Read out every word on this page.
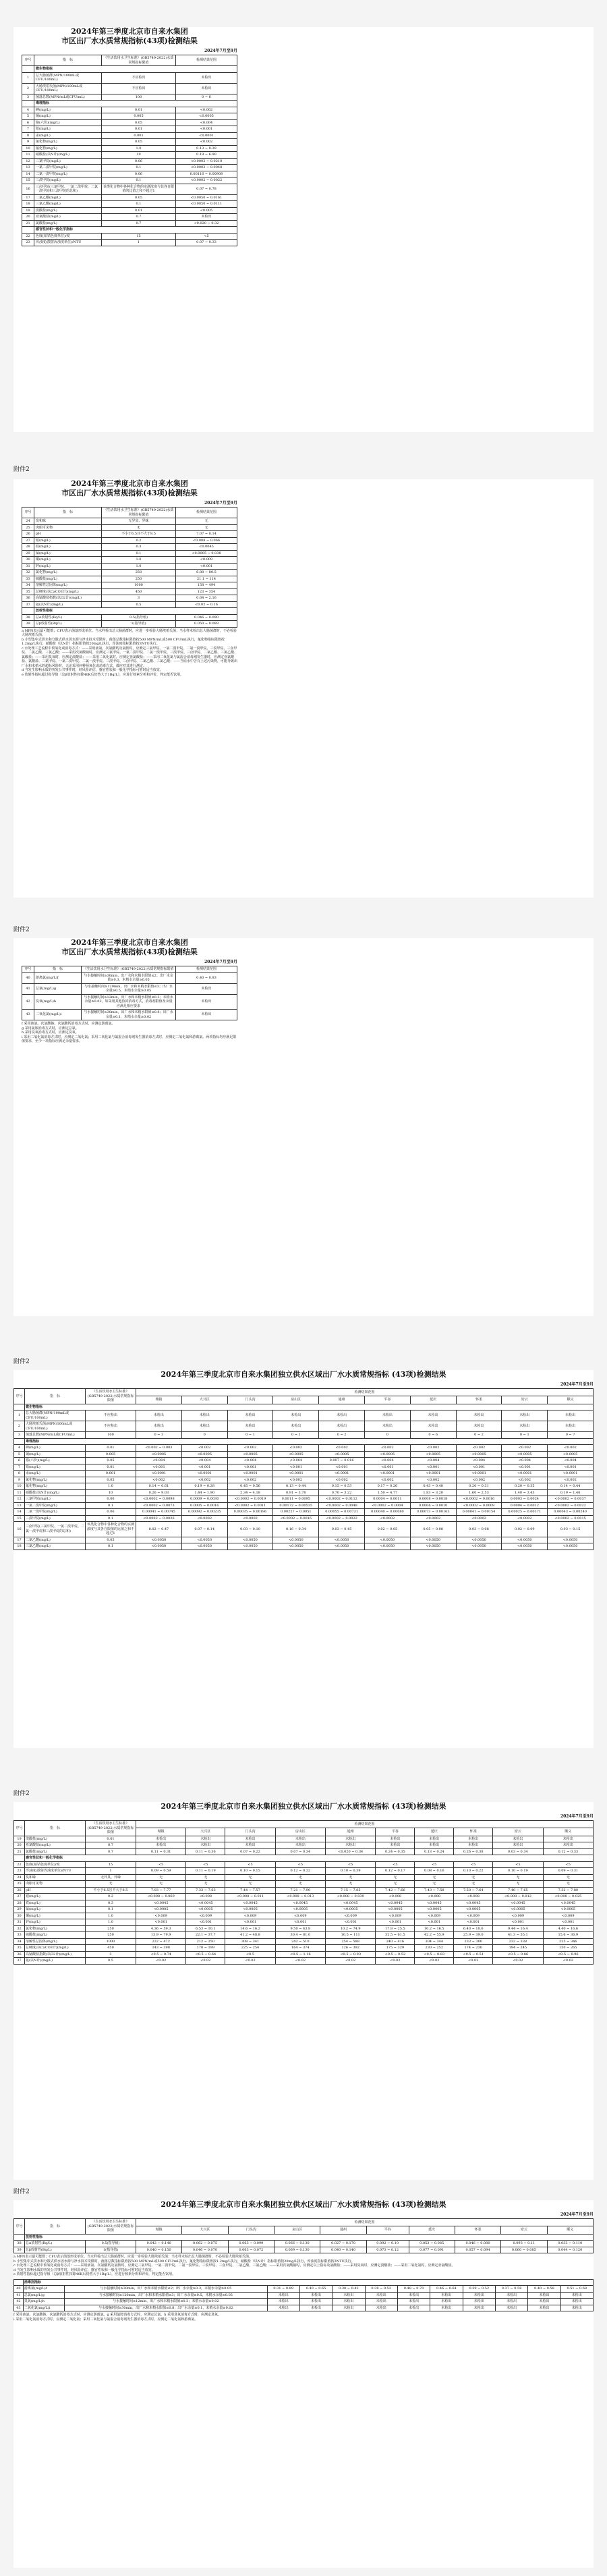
2024年第三季度北京市自来水集团
市区出厂水水质常规指标(43项)检测结果
2024年7月至9月
序号	指　标	《生活饮用水卫生标准》(GB5749-2022)水质常规指标限值	检测结果范围
	微生物指标		
1	总大肠菌群(MPN/100mL或CFU/100mL)	不应检出	未检出
2	大肠埃希氏菌(MPN/100mL或CFU/100mL)	不应检出	未检出
3	菌落总数(MPN/mL或CFU/mL)	100	0 ~ 6
	毒理指标		
4	砷(mg/L)	0.01	<0.002
5	镉(mg/L)	0.005	<0.0005
6	铬(六价)(mg/L)	0.05	<0.004
7	铅(mg/L)	0.01	<0.001
8	汞(mg/L)	0.001	<0.0001
9	氰化物(mg/L)	0.05	<0.002
10	氟化物(mg/L)	1.0	0.13 ~ 0.39
11	硝酸盐(以N计)(mg/L)	10	0.19 ~ 6.90
12	三氯甲烷(mg/L)	0.06	<0.0002 ~ 0.0210
13	一氯二溴甲烷(mg/L)	0.1	<0.0002 ~ 0.0048
14	二氯一溴甲烷(mg/L)	0.06	0.00116 ~ 0.00908
15	三溴甲烷(mg/L)	0.1	<0.0002 ~ 0.0022
16	三卤甲烷(三氯甲烷、一氯二溴甲烷、二氯一溴甲烷和三溴甲烷的总和)	该类化合物中各种化合物的实测浓度与其各自限值的比值之和不超过1	0.07 ~ 0.78
17	二氯乙酸(mg/L)	0.05	<0.0050 ~ 0.0161
18	三氯乙酸(mg/L)	0.1	<0.0050 ~ 0.0111
19	溴酸盐(mg/L)	0.01	<0.005
20	亚氯酸盐(mg/L)	0.7	未检出
21	氯酸盐(mg/L)	0.7	<0.020 ~ 0.32
	感官性状和一般化学指标		
22	色度(铂钴色度单位)/度	15	<5
23	浑浊度(散射浑浊度单位)/NTU	1	0.07 ~ 0.33
附件2
2024年第三季度北京市自来水集团
市区出厂水水质常规指标(43项)检测结果
2024年7月至9月
序号	指　标	《生活饮用水卫生标准》(GB5749-2022)水质常规指标限值	检测结果范围
24	臭和味	无异臭、异味	无
25	肉眼可见物	无	无
26	pH	不小于6.5且不大于8.5	7.07 ~ 8.14
27	铝(mg/L)	0.2	<0.008 ~ 0.066
28	铁(mg/L)	0.3	<0.0045
29	锰(mg/L)	0.1	<0.0005 ~ 0.038
30	铜(mg/L)	1.0	<0.009
31	锌(mg/L)	1.0	<0.001
32	氯化物(mg/L)	250	6.88 ~ 80.5
33	硫酸盐(mg/L)	250	21.1 ~ 114
34	溶解性总固体(mg/L)	1000	158 ~ 494
35	总硬度(以CaCO3计)(mg/L)	450	123 ~ 354
36	高锰酸盐指数(以O2计)(mg/L)	3	0.64 ~ 2.16
37	氨(以N计)(mg/L)	0.5	<0.02 ~ 0.16
	放射性指标		
38	总α放射性(Bq/L)	0.5(指导值)	0.046 ~ 0.090
39	总β放射性(Bq/L)	1(指导值)	0.050 ~ 0.089

a MPN表示最可能数；CFU表示菌落形成单位。当水样检出总大肠菌群时，应进一步检验大肠埃希氏菌；当水样未检出总大肠菌群时，不必检验大肠埃希氏菌。

b 小型集中式供水和分散式供水因水源与净水技术受限时，菌落总数指标限值按500 MPN/mL或500 CFU/mL执行，氟化物指标限值按1.2mg/L执行，硝酸盐（以N计）指标限值按20mg/L执行，浑浊度指标限值按3NTU执行。

c 水处理工艺流程中预氧化或消毒方式：——采用液氯、次氯酸钙及氯胺时，应测定三氯甲烷、一氯二溴甲烷、二氯一溴甲烷、三溴甲烷、三卤甲烷、二氯乙酸、三氯乙酸；——采用次氯酸钠时，应测定三氯甲烷、一氯二溴甲烷、二氯一溴甲烷、三溴甲烷、三卤甲烷、二氯乙酸、三氯乙酸、氯酸盐；——采用臭氧时，应测定溴酸盐；——采用二氧化氯时，应测定亚氯酸盐；——采用二氧化氯与氯混合消毒剂发生器时，应测定亚氯酸盐、氯酸盐、三氯甲烷、一氯二溴甲烷、二氯一溴甲烷、三溴甲烷、三卤甲烷、二氯乙酸、三氯乙酸；——当原水中含有上述污染物，可能导致出厂水和末梢水的超标风险时，无论采用何种预氧化或消毒方式，都应对其进行测定。

d 当发生影响水质的突发公共事件时，经风险评估，感官性状和一般化学指标可暂时适当放宽。

e 放射性指标超过指导值（总β放射性扣除40K后仍然大于1Bq/L），应进行核素分析和评价，判定能否饮用。

附件2
2024年第三季度北京市自来水集团
市区出厂水水质常规指标(43项)检测结果
2024年7月至9月
序号	指　标	《生活饮用水卫生标准》(GB5749-2022)水质常规指标限值	检测结果范围
40	游离氯(mg/L)f	与水接触时间≥30min，出厂水和末梢水限值≤2；出厂水余量≥0.3，末梢水余量≥0.05	0.40 ~ 0.83
41	总氯(mg/L)g	与水接触时间≥120min，出厂水和末梢水限值≤3；出厂水余量≥0.5，末梢水余量≥0.05	未检出
42	臭氧(mg/L)h	与水接触时间≥12min，出厂水和末梢水限值≤0.3；末梢水余量≥0.02，如采用其他协同消毒方式，消毒剂限值及余量应满足相应要求	未检出
43	二氧化氯(mg/L)i	与水接触时间≥30min，出厂水和末梢水限值≤0.8；出厂水余量≥0.1，末梢水余量≥0.02	未检出

f 采用液氯、次氯酸钠、次氯酸钙消毒方式时，应测定游离氯。

g 采用氯胺消毒方式时，应测定总氯。

h 采用臭氧消毒方式时，应测定臭氧。

i 采用二氧化氯消毒方式时，应测定二氧化氯；采用二氧化氯与氯混合消毒剂发生器消毒方式时，应测定二氧化氯和游离氯。两项指标均应满足限值要求，至少一项指标应满足余量要求。

附件2
2024年第三季度北京市自来水集团独立供水区域出厂水水质常规指标 (43项)检测结果
2024年7月至9月
序号	指　标	《生活饮用水卫生标准》(GB5749-2022)水质常规指标限值	检测结果范围									
			城镇	大兴区	门头沟	房山区	通州	平谷	延庆	怀柔	密云	顺义
	微生物指标											
1	总大肠菌群(MPN/100mL或CFU/100mL)	不应检出	未检出	未检出	未检出	未检出	未检出	未检出	未检出	未检出	未检出	未检出
2	大肠埃希氏菌(MPN/100mL或CFU/100mL)	不应检出	未检出	未检出	未检出	未检出	未检出	未检出	未检出	未检出	未检出	未检出
3	菌落总数(MPN/mL或CFU/mL)	100	0 ~ 3	0	0 ~ 1	0 ~ 1	0 ~ 2	0	0 ~ 6	0 ~ 2	0 ~ 1	0 ~ 7
	毒理指标											
4	砷(mg/L)	0.01	<0.002 ~ 0.003	<0.002	<0.002	<0.002	<0.002	<0.002	<0.002	<0.002	<0.002	<0.002
5	镉(mg/L)	0.005	<0.0005	<0.0005	<0.0005	<0.0005	<0.0005	<0.0005	<0.0005	<0.0005	<0.0005	<0.0005
6	铬(六价)(mg/L)	0.05	<0.004	<0.004	<0.004	<0.004	0.007 ~ 0.016	<0.004	<0.004	<0.004	<0.004	<0.004
7	铅(mg/L)	0.01	<0.001	<0.001	<0.001	<0.001	<0.001	<0.001	<0.001	<0.001	<0.001	<0.001
8	汞(mg/L)	0.001	<0.0001	<0.0001	<0.0001	<0.0001	<0.0001	<0.0001	<0.0001	<0.0001	<0.0001	<0.0001
9	氰化物(mg/L)	0.05	<0.002	<0.002	<0.002	<0.002	<0.002	<0.002	<0.002	<0.002	<0.002	<0.002
10	氟化物(mg/L)	1.0	0.14 ~ 0.61	0.19 ~ 0.28	0.45 ~ 0.56	0.13 ~ 0.44	0.15 ~ 0.53	0.17 ~ 0.26	0.43 ~ 0.48	0.20 ~ 0.31	0.20 ~ 0.35	0.14 ~ 0.44
11	硝酸盐(以N计)(mg/L)	10	0.26 ~ 9.03	1.44 ~ 1.90	2.34 ~ 4.18	0.91 ~ 3.78	0.70 ~ 3.22	1.50 ~ 4.77	1.83 ~ 3.20	1.60 ~ 2.53	1.40 ~ 3.43	0.19 ~ 1.46
12	三氯甲烷(mg/L)	0.06	<0.0002 ~ 0.0098	0.0009 ~ 0.0030	<0.0002 ~ 0.0019	0.0011 ~ 0.0095	<0.0002 ~ 0.0112	0.0004 ~ 0.0011	0.0008 ~ 0.0018	<0.0002 ~ 0.0016	0.0003 ~ 0.0024	<0.0002 ~ 0.0037
13	一氯二溴甲烷(mg/L)	0.1	<0.0002 ~ 0.0073	0.0005 ~ 0.0016	<0.0002 ~ 0.0011	0.00172 ~ 0.00535	<0.0002 ~ 0.0048	<0.0002 ~ 0.0004	0.0006 ~ 0.0010	<0.0002 ~ 0.0009	0.0004 ~ 0.0012	<0.0002 ~ 0.0022
14	二氯一溴甲烷(mg/L)	0.06	0.00041 ~ 0.00745	0.00092 ~ 0.00235	0.00035 ~ 0.00186	0.00227 ~ 0.0051	0.00055 ~ 0.00731	0.00040 ~ 0.00080	0.00073 ~ 0.00163	0.00041 ~ 0.00154	0.00025 ~ 0.00171	0.00043 ~ 0.00240
15	三溴甲烷(mg/L)	0.1	<0.0002 ~ 0.0026	<0.0002	<0.0002	<0.0002 ~ 0.0016	<0.0002 ~ 0.0022	<0.0002	<0.0002	<0.0002	<0.0002	<0.0002 ~ 0.0015
16	三卤甲烷(三氯甲烷、一氯二溴甲烷、二氯一溴甲烷和三溴甲烷的总和)	该类化合物中各种化合物的实测浓度与其各自限值的比值之和不超过1	0.02 ~ 0.47	0.07 ~ 0.14	0.03 ~ 0.10	0.16 ~ 0.34	0.03 ~ 0.45	0.02 ~ 0.05	0.05 ~ 0.08	0.03 ~ 0.08	0.02 ~ 0.09	0.03 ~ 0.15
17	二氯乙酸(mg/L)	0.05	<0.0050	<0.0050	<0.0050	<0.0050	<0.0050	<0.0050	<0.0050	<0.0050	<0.0050	<0.0050
18	三氯乙酸(mg/L)	0.1	<0.0050	<0.0050	<0.0050	<0.0050	<0.0050	<0.0050	<0.0050	<0.0050	<0.0050	<0.0050
附件2
2024年第三季度北京市自来水集团独立供水区域出厂水水质常规指标 (43项)检测结果
2024年7月至9月
序号	指　标	《生活饮用水卫生标准》(GB5749-2022)水质常规指标限值	检测结果范围									
			城镇	大兴区	门头沟	房山区	通州	平谷	延庆	怀柔	密云	顺义
19	溴酸盐(mg/L)	0.01	未检出	未检出	未检出	未检出	未检出	未检出	未检出	未检出	未检出	未检出
20	亚氯酸盐(mg/L)	0.7	未检出	未检出	未检出	未检出	未检出	未检出	未检出	未检出	未检出	未检出
21	氯酸盐(mg/L)	0.7	0.11 ~ 0.31	0.11 ~ 0.36	0.07 ~ 0.22	0.07 ~ 0.34	<0.020 ~ 0.34	0.24 ~ 0.35	0.13 ~ 0.24	0.26 ~ 0.38	0.03 ~ 0.34	0.12 ~ 0.33
	感官性状和一般化学指标											
22	色度(铂钴色度单位)/度	15	<5	<5	<5	<5	<5	<5	<5	<5	<5	<5
23	浑浊度(散射浑浊度单位)/NTU	1	0.09 ~ 0.59	0.11 ~ 0.19	0.10 ~ 0.15	0.12 ~ 0.22	0.10 ~ 0.39	0.12 ~ 0.17	0.08 ~ 0.16	0.10 ~ 0.22	0.10 ~ 0.19	0.09 ~ 0.31
24	臭和味	无异臭、异味	无	无	无	无	无	无	无	无	无	无
25	肉眼可见物	无	无	无	无	无	无	无	无	无	无	无
26	pH	不小于6.5且不大于8.5	7.03 ~ 7.77	7.33 ~ 7.63	7.44 ~ 7.57	7.21 ~ 7.90	7.15 ~ 7.85	7.42 ~ 7.66	7.43 ~ 7.58	7.50 ~ 7.64	7.40 ~ 7.65	7.32 ~ 7.80
27	铝(mg/L)	0.2	<0.008 ~ 0.069	<0.008	<0.008 ~ 0.011	<0.008 ~ 0.013	<0.008 ~ 0.039	<0.008	<0.008	<0.008	<0.008 ~ 0.012	<0.008 ~ 0.025
28	铁(mg/L)	0.3	<0.0045	<0.0045	<0.0045	<0.0045	<0.0045	<0.0045	<0.0045	<0.0045	<0.0045	<0.0045
29	锰(mg/L)	0.1	<0.0005	<0.0005	<0.0005	<0.0005	<0.0005	<0.0005	<0.0005	<0.0005	<0.0005	<0.0005
30	铜(mg/L)	1.0	<0.009	<0.009	<0.009	<0.009	<0.009	<0.009	<0.009	<0.009	<0.009	<0.009
31	锌(mg/L)	1.0	<0.001	<0.001	<0.001	<0.001	<0.001	<0.001	<0.001	<0.001	<0.001	<0.001
32	氯化物(mg/L)	250	4.36 ~ 59.3	6.53 ~ 10.1	14.6 ~ 16.2	9.50 ~ 63.8	10.2 ~ 74.9	17.8 ~ 25.5	10.2 ~ 16.5	6.40 ~ 10.6	9.44 ~ 16.4	4.40 ~ 16.6
33	硫酸盐(mg/L)	250	13.9 ~ 79.9	22.1 ~ 37.7	41.2 ~ 48.8	30.4 ~ 81.0	10.5 ~ 111	32.5 ~ 61.5	42.2 ~ 55.9	25.9 ~ 39.0	41.3 ~ 55.1	15.6 ~ 36.9
34	溶解性总固体(mg/L)	1000	222 ~ 472	212 ~ 250	308 ~ 341	242 ~ 510	254 ~ 588	240 ~ 416	304 ~ 344	233 ~ 300	232 ~ 338	225 ~ 346
35	总硬度(以CaCO3计)(mg/L)	450	143 ~ 398	170 ~ 199	225 ~ 254	164 ~ 374	126 ~ 392	175 ~ 329	230 ~ 252	174 ~ 230	194 ~ 245	150 ~ 265
36	高锰酸盐指数(以O2计)(mg/L)	3	<0.5 ~ 0.74	<0.5 ~ 0.64	<0.5	<0.5 ~ 1.16	<0.5 ~ 0.93	<0.5 ~ 0.52	<0.5 ~ 0.83	<0.5 ~ 0.51	<0.5 ~ 0.86	<0.5 ~ 0.96
37	氨(以N计)(mg/L)	0.5	<0.02	<0.02	<0.02	<0.02	<0.02	<0.02	<0.02	<0.02	<0.02	<0.02
附件2
2024年第三季度北京市自来水集团独立供水区域出厂水水质常规指标 (43项)检测结果
2024年7月至9月
序号	指　标	《生活饮用水卫生标准》(GB5749-2022)水质常规指标限值	检测结果范围									
			城镇	大兴区	门头沟	房山区	通州	平谷	延庆	怀柔	密云	顺义
	放射性指标											
38	总α放射性(Bq/L)	0.5(指导值)	0.042 ~ 0.140	0.062 ~ 0.075	0.063 ~ 0.099	0.066 ~ 0.130	0.027 ~ 0.170	0.092 ~ 0.10	0.053 ~ 0.085	0.046 ~ 0.080	0.093 ~ 0.11	0.033 ~ 0.110
39	总β放射性(Bq/L)	1(指导值)	0.040 ~ 0.150	0.046 ~ 0.070	0.063 ~ 0.072	0.069 ~ 0.130	0.040 ~ 0.140	0.073 ~ 0.12	0.077 ~ 0.091	0.057 ~ 0.094	0.060 ~ 0.085	0.044 ~ 0.120

a MPN表示最可能数；CFU表示菌落形成单位。当水样检出总大肠菌群时，应进一步检验大肠埃希氏菌；当水样未检出总大肠菌群时，不必检验大肠埃希氏菌。

b 小型集中式供水和分散式供水因水源与净水技术受限时，菌落总数指标限值按500 MPN/mL或500 CFU/mL执行，氟化物指标限值按1.2mg/L执行，硝酸盐（以N计）指标限值按20mg/L执行，浑浊度指标限值按3NTU执行。

c 水处理工艺流程中预氧化或消毒方式：——采用液氯、次氯酸钙及氯胺时，应测定三氯甲烷、一氯二溴甲烷、二氯一溴甲烷、三溴甲烷、三卤甲烷、二氯乙酸、三氯乙酸；——采用次氯酸钠时，应测定以上指标及氯酸盐；——采用臭氧时，应测定溴酸盐；——采用二氧化氯时，应测定亚氯酸盐。

d 当发生影响水质的突发公共事件时，经风险评估，感官性状和一般化学指标可暂时适当放宽。

e 放射性指标超过指导值（总β放射性扣除40K后仍然大于1Bq/L），应进行核素分析和评价，判定能否饮用。

	消毒剂指标											
40	游离氯(mg/L)f	与水接触时间≥30min，出厂水和末梢水限值≤2；出厂水余量≥0.3，末梢水余量≥0.05	0.31 ~ 0.89	0.40 ~ 0.65	0.38 ~ 0.42	0.38 ~ 0.52	0.48 ~ 0.70	0.46 ~ 0.64	0.39 ~ 0.52	0.37 ~ 0.58	0.40 ~ 0.58	0.51 ~ 0.68
41	总氯(mg/L)g	与水接触时间≥120min，出厂水和末梢水限值≤3；出厂水余量≥0.5，末梢水余量≥0.05	未检出	未检出	未检出	未检出	未检出	未检出	未检出	未检出	未检出	未检出
42	臭氧(mg/L)h	与水接触时间≥12min，出厂水和末梢水限值≤0.3；末梢水余量≥0.02	未检出	未检出	未检出	未检出	未检出	未检出	未检出	未检出	未检出	未检出
43	二氧化氯(mg/L)i	与水接触时间≥30min，出厂水和末梢水限值≤0.8；出厂水余量≥0.1，末梢水余量≥0.02	未检出	未检出	未检出	未检出	未检出	未检出	未检出	未检出	未检出	未检出

f 采用液氯、次氯酸钠、次氯酸钙消毒方式时，应测定游离氯。g 采用氯胺消毒方式时，应测定总氯。h 采用臭氧消毒方式时，应测定臭氧。

i 采用二氧化氯消毒方式时，应测定二氧化氯；采用二氧化氯与氯混合消毒剂发生器消毒方式时，应测定二氧化氯和游离氯。
